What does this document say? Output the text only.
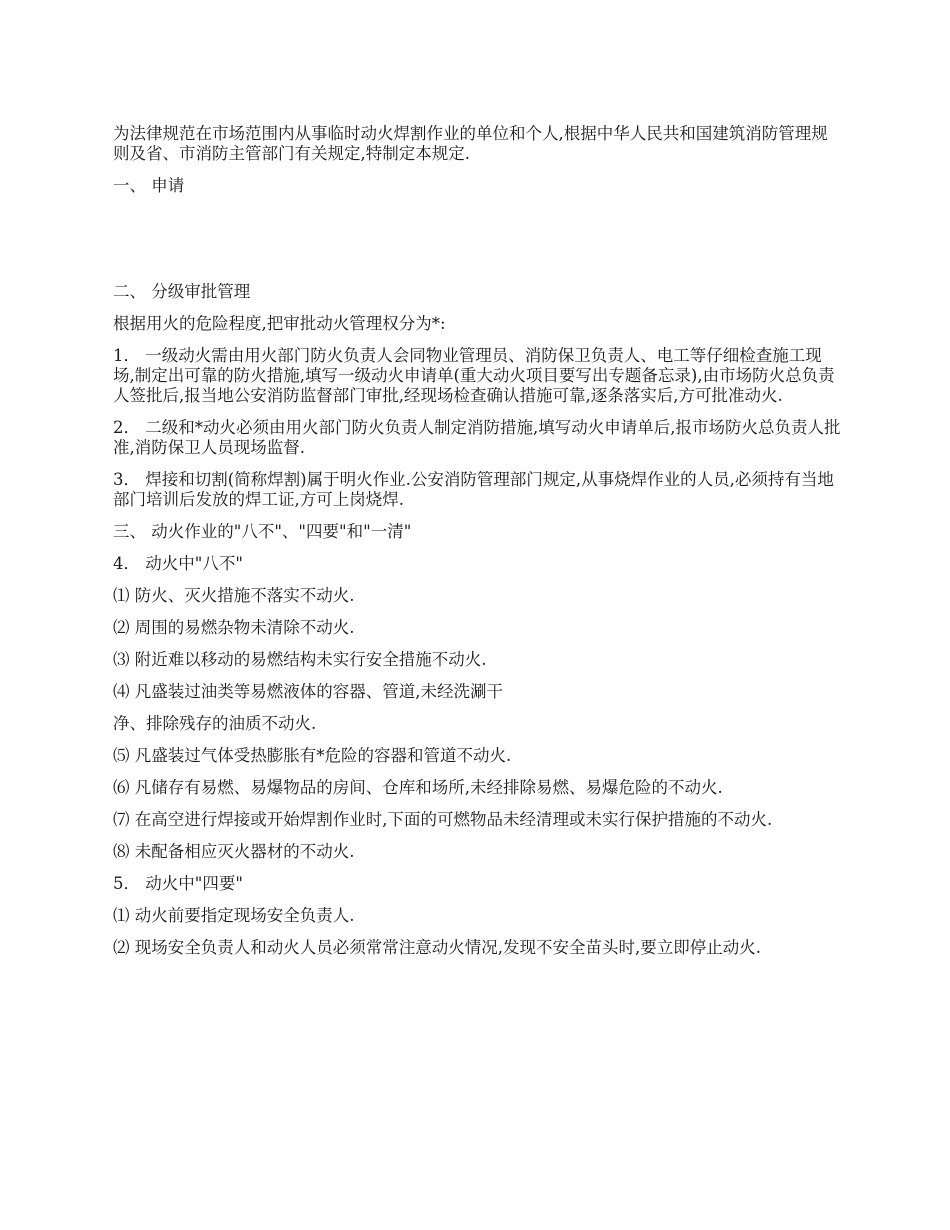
为法律规范在市场范围内从事临时动火焊割作业的单位和个人,根据中华人民共和国建筑消防管理规则及省、市消防主管部门有关规定,特制定本规定.

一、 申请

二、 分级审批管理

根据用火的危险程度,把审批动火管理权分为*:

1． 一级动火需由用火部门防火负责人会同物业管理员、消防保卫负责人、电工等仔细检查施工现场,制定出可靠的防火措施,填写一级动火申请单(重大动火项目要写出专题备忘录),由市场防火总负责人签批后,报当地公安消防监督部门审批,经现场检查确认措施可靠,逐条落实后,方可批准动火.

2． 二级和*动火必须由用火部门防火负责人制定消防措施,填写动火申请单后,报市场防火总负责人批准,消防保卫人员现场监督.

3． 焊接和切割(简称焊割)属于明火作业.公安消防管理部门规定,从事烧焊作业的人员,必须持有当地部门培训后发放的焊工证,方可上岗烧焊.

三、 动火作业的"八不"、"四要"和"一清"

4． 动火中"八不"

⑴ 防火、灭火措施不落实不动火.

⑵ 周围的易燃杂物未清除不动火.

⑶ 附近难以移动的易燃结构未实行安全措施不动火.

⑷ 凡盛装过油类等易燃液体的容器、管道,未经洗涮干

净、排除残存的油质不动火.

⑸ 凡盛装过气体受热膨胀有*危险的容器和管道不动火.

⑹ 凡储存有易燃、易爆物品的房间、仓库和场所,未经排除易燃、易爆危险的不动火.

⑺ 在高空进行焊接或开始焊割作业时,下面的可燃物品未经清理或未实行保护措施的不动火.

⑻ 未配备相应灭火器材的不动火.

5． 动火中"四要"

⑴ 动火前要指定现场安全负责人.

⑵ 现场安全负责人和动火人员必须常常注意动火情况,发现不安全苗头时,要立即停止动火.
